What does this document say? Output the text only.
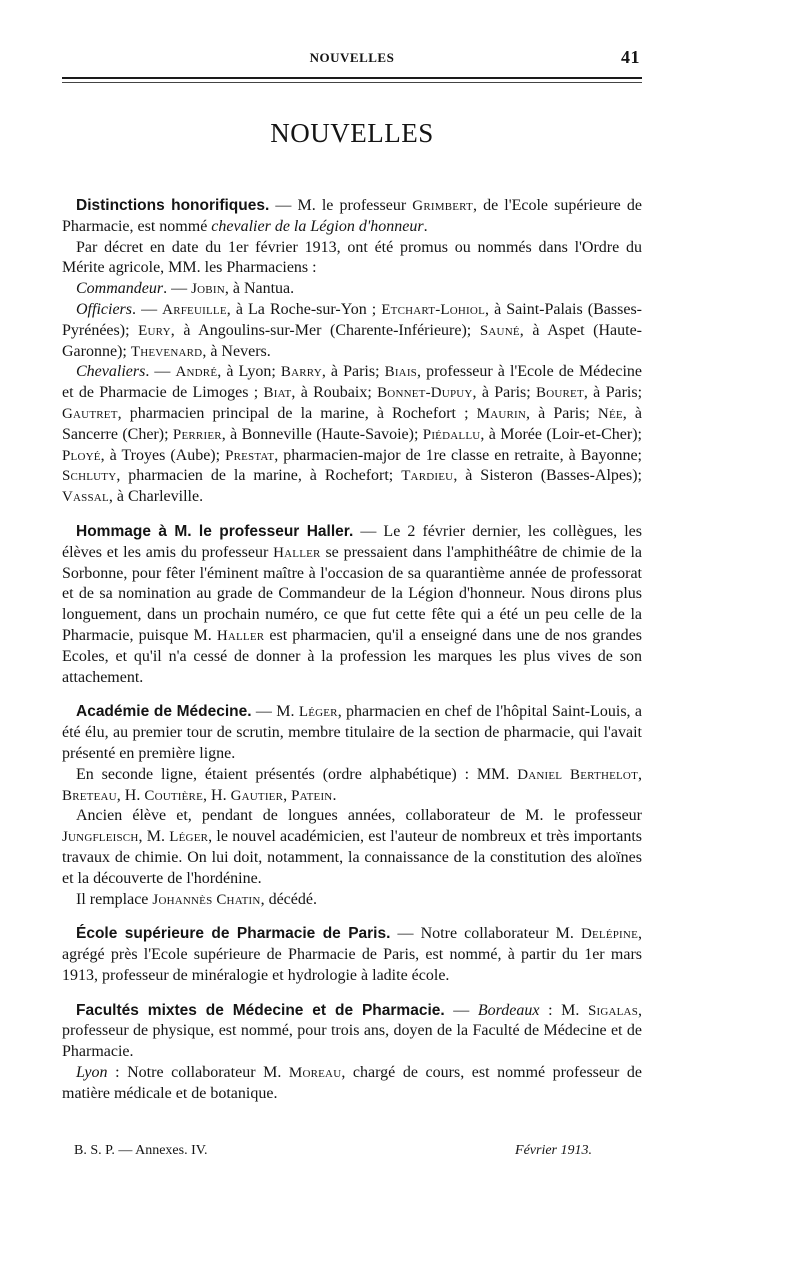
NOUVELLES	41
NOUVELLES

Distinctions honorifiques. — M. le professeur Grimbert, de l'Ecole supérieure de Pharmacie, est nommé chevalier de la Légion d'honneur.

Par décret en date du 1er février 1913, ont été promus ou nommés dans l'Ordre du Mérite agricole, MM. les Pharmaciens :

Commandeur. — Jobin, à Nantua.

Officiers. — Arfeuille, à La Roche-sur-Yon ; Etchart-Lohiol, à Saint-Palais (Basses-Pyrénées); Eury, à Angoulins-sur-Mer (Charente-Inférieure); Sauné, à Aspet (Haute-Garonne); Thevenard, à Nevers.

Chevaliers. — André, à Lyon; Barry, à Paris; Biais, professeur à l'Ecole de Médecine et de Pharmacie de Limoges ; Biat, à Roubaix; Bonnet-Dupuy, à Paris; Bouret, à Paris; Gautret, pharmacien principal de la marine, à Rochefort ; Maurin, à Paris; Née, à Sancerre (Cher); Perrier, à Bonneville (Haute-Savoie); Piédallu, à Morée (Loir-et-Cher); Ployé, à Troyes (Aube); Prestat, pharmacien-major de 1re classe en retraite, à Bayonne; Schluty, pharmacien de la marine, à Rochefort; Tardieu, à Sisteron (Basses-Alpes); Vassal, à Charleville.

Hommage à M. le professeur Haller. — Le 2 février dernier, les collègues, les élèves et les amis du professeur Haller se pressaient dans l'amphithéâtre de chimie de la Sorbonne, pour fêter l'éminent maître à l'occasion de sa quarantième année de professorat et de sa nomination au grade de Commandeur de la Légion d'honneur. Nous dirons plus longuement, dans un prochain numéro, ce que fut cette fête qui a été un peu celle de la Pharmacie, puisque M. Haller est pharmacien, qu'il a enseigné dans une de nos grandes Ecoles, et qu'il n'a cessé de donner à la profession les marques les plus vives de son attachement.

Académie de Médecine. — M. Léger, pharmacien en chef de l'hôpital Saint-Louis, a été élu, au premier tour de scrutin, membre titulaire de la section de pharmacie, qui l'avait présenté en première ligne.

En seconde ligne, étaient présentés (ordre alphabétique) : MM. Daniel Berthelot, Breteau, H. Coutière, H. Gautier, Patein.

Ancien élève et, pendant de longues années, collaborateur de M. le professeur Jungfleisch, M. Léger, le nouvel académicien, est l'auteur de nombreux et très importants travaux de chimie. On lui doit, notamment, la connaissance de la constitution des aloïnes et la découverte de l'hordénine.

Il remplace Johannès Chatin, décédé.

École supérieure de Pharmacie de Paris. — Notre collaborateur M. Delépine, agrégé près l'Ecole supérieure de Pharmacie de Paris, est nommé, à partir du 1er mars 1913, professeur de minéralogie et hydrologie à ladite école.

Facultés mixtes de Médecine et de Pharmacie. — Bordeaux : M. Sigalas, professeur de physique, est nommé, pour trois ans, doyen de la Faculté de Médecine et de Pharmacie.

Lyon : Notre collaborateur M. Moreau, chargé de cours, est nommé professeur de matière médicale et de botanique.

B. S. P. — Annexes. IV.	Février 1913.
